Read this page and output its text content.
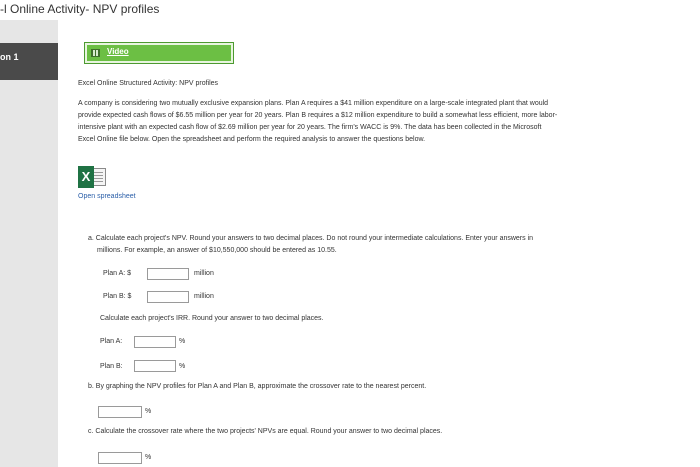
-l Online Activity- NPV profiles
on 1
Video
Excel Online Structured Activity: NPV profiles
A company is considering two mutually exclusive expansion plans. Plan A requires a $41 million expenditure on a large-scale integrated plant that would
provide expected cash flows of $6.55 million per year for 20 years. Plan B requires a $12 million expenditure to build a somewhat less efficient, more labor-
intensive plant with an expected cash flow of $2.69 million per year for 20 years. The firm's WACC is 9%. The data has been collected in the Microsoft
Excel Online file below. Open the spreadsheet and perform the required analysis to answer the questions below.
X
Open spreadsheet
a. Calculate each project's NPV. Round your answers to two decimal places. Do not round your intermediate calculations. Enter your answers in
millions. For example, an answer of $10,550,000 should be entered as 10.55.
Plan A: $	million
Plan B: $	million
Calculate each project's IRR. Round your answer to two decimal places.
Plan A:	%
Plan B:	%
b. By graphing the NPV profiles for Plan A and Plan B, approximate the crossover rate to the nearest percent.
%
c. Calculate the crossover rate where the two projects' NPVs are equal. Round your answer to two decimal places.
%
